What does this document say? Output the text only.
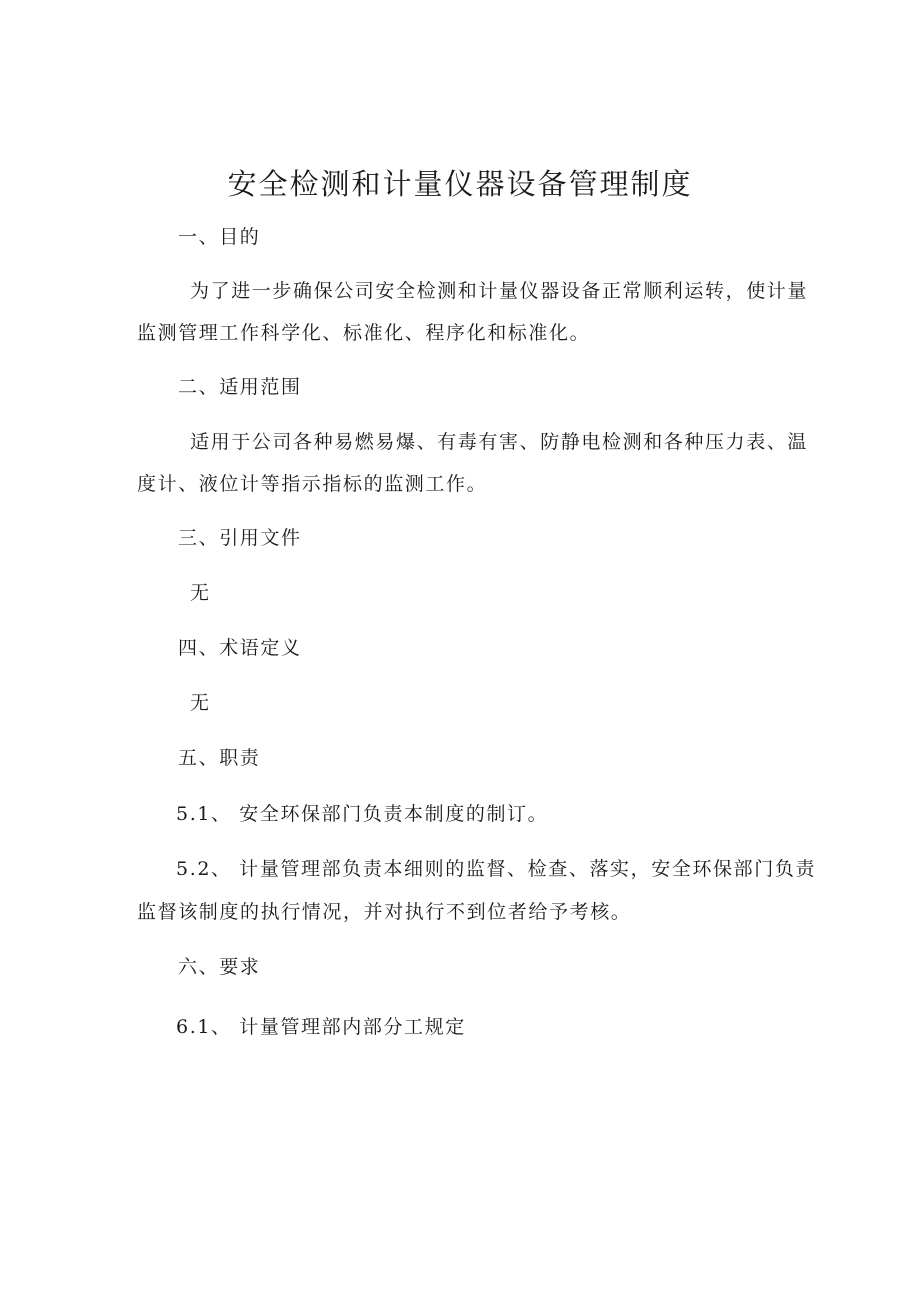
安全检测和计量仪器设备管理制度
一、目的
为了进一步确保公司安全检测和计量仪器设备正常顺利运转，使计量
监测管理工作科学化、标准化、程序化和标准化。
二、适用范围
适用于公司各种易燃易爆、有毒有害、防静电检测和各种压力表、温
度计、液位计等指示指标的监测工作。
三、引用文件
无
四、术语定义
无
五、职责
5.1、 安全环保部门负责本制度的制订。
5.2、 计量管理部负责本细则的监督、检查、落实，安全环保部门负责
监督该制度的执行情况，并对执行不到位者给予考核。
六、要求
6.1、 计量管理部内部分工规定
